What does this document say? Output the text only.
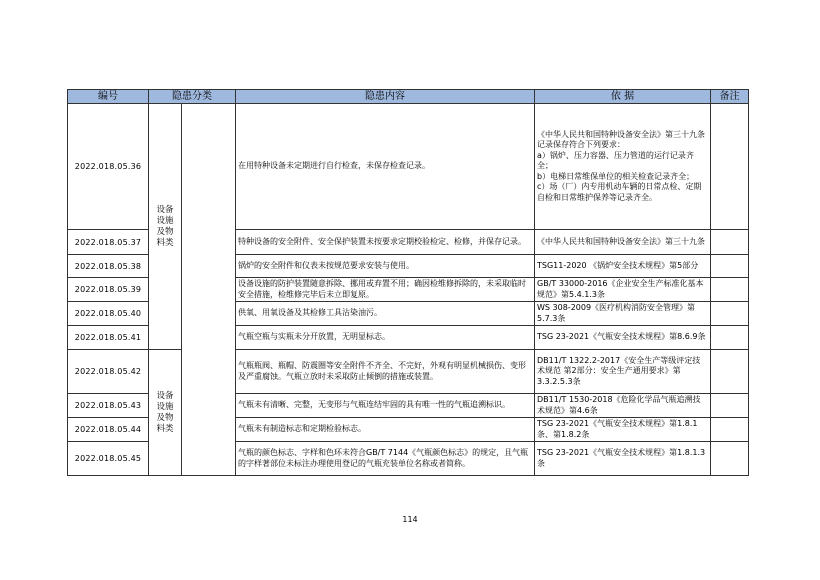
编号	隐患分类		隐患内容	依 据	备注
2022.018.05.36	设备
设施
及物
料类		在用特种设备未定期进行自行检查，未保存检查记录。	《中华人民共和国特种设备安全法》第三十九条
记录保存符合下列要求：
a）锅炉、压力容器、压力管道的运行记录齐全；
b）电梯日常维保单位的相关检查记录齐全；
c）场（厂）内专用机动车辆的日常点检、定期自检和日常维护保养等记录齐全。	
2022.018.05.37			特种设备的安全附件、安全保护装置未按要求定期校验检定、检修，并保存记录。	《中华人民共和国特种设备安全法》第三十九条	
2022.018.05.38			锅炉的安全附件和仪表未按规范要求安装与使用。	TSG11-2020 《锅炉安全技术规程》第5部分	
2022.018.05.39			设备设施的防护装置随意拆除、挪用或弃置不用；确因检维修拆除的，未采取临时安全措施，检维修完毕后未立即复原。	GB/T 33000-2016《企业安全生产标准化基本规范》第5.4.1.3条	
2022.018.05.40			供氧、用氧设备及其检修工具沾染油污。	WS 308-2009《医疗机构消防安全管理》第5.7.3条	
2022.018.05.41			气瓶空瓶与实瓶未分开放置，无明显标志。	TSG 23-2021《气瓶安全技术规程》第8.6.9条	
2022.018.05.42	设备
设施
及物
料类		气瓶瓶阀、瓶帽、防震圈等安全附件不齐全、不完好，外观有明显机械损伤、变形及严重腐蚀。气瓶立放时未采取防止倾倒的措施或装置。	DB11/T 1322.2-2017《安全生产等级评定技术规范 第2部分：安全生产通用要求》第3.3.2.5.3条	
2022.018.05.43			气瓶未有清晰、完整，无变形与气瓶连结牢固的具有唯一性的气瓶追溯标识。	DB11/T 1530-2018《危险化学品气瓶追溯技术规范》第4.6条	
2022.018.05.44			气瓶未有制造标志和定期检验标志。	TSG 23-2021《气瓶安全技术规程》第1.8.1条、第1.8.2条	
2022.018.05.45			气瓶的颜色标志、字样和色环未符合GB/T 7144《气瓶颜色标志》的规定，且气瓶的字样著部位未标注办理使用登记的气瓶充装单位名称或者简称。	TSG 23-2021《气瓶安全技术规程》第1.8.1.3条	
114
